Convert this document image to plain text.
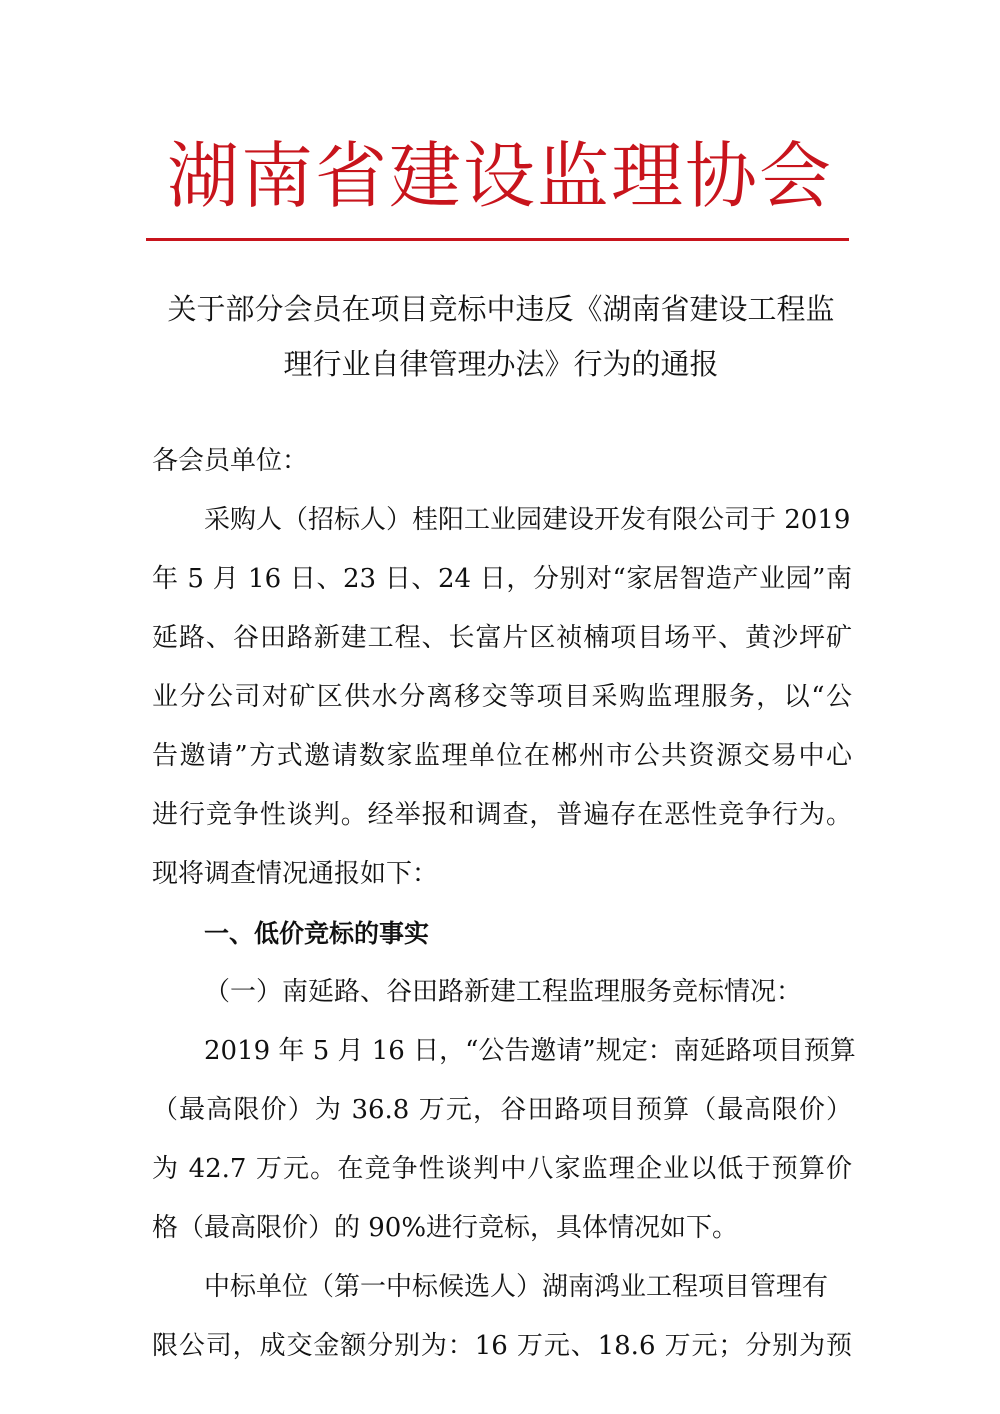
湖南省建设监理协会
关于部分会员在项目竞标中违反《湖南省建设工程监
理行业自律管理办法》行为的通报
各会员单位：
采购人（招标人）桂阳工业园建设开发有限公司于 2019
年 5 月 16 日、23 日、24 日，分别对“家居智造产业园”南
延路、谷田路新建工程、长富片区祯楠项目场平、黄沙坪矿
业分公司对矿区供水分离移交等项目采购监理服务，以“公
告邀请”方式邀请数家监理单位在郴州市公共资源交易中心
进行竞争性谈判。经举报和调查，普遍存在恶性竞争行为。
现将调查情况通报如下：
一、低价竞标的事实
（一）南延路、谷田路新建工程监理服务竞标情况：
2019 年 5 月 16 日，“公告邀请”规定：南延路项目预算
（最高限价）为 36.8 万元，谷田路项目预算（最高限价）
为 42.7 万元。在竞争性谈判中八家监理企业以低于预算价
格（最高限价）的 90%进行竞标，具体情况如下。
中标单位（第一中标候选人）湖南鸿业工程项目管理有
限公司，成交金额分别为：16 万元、18.6 万元；分别为预
